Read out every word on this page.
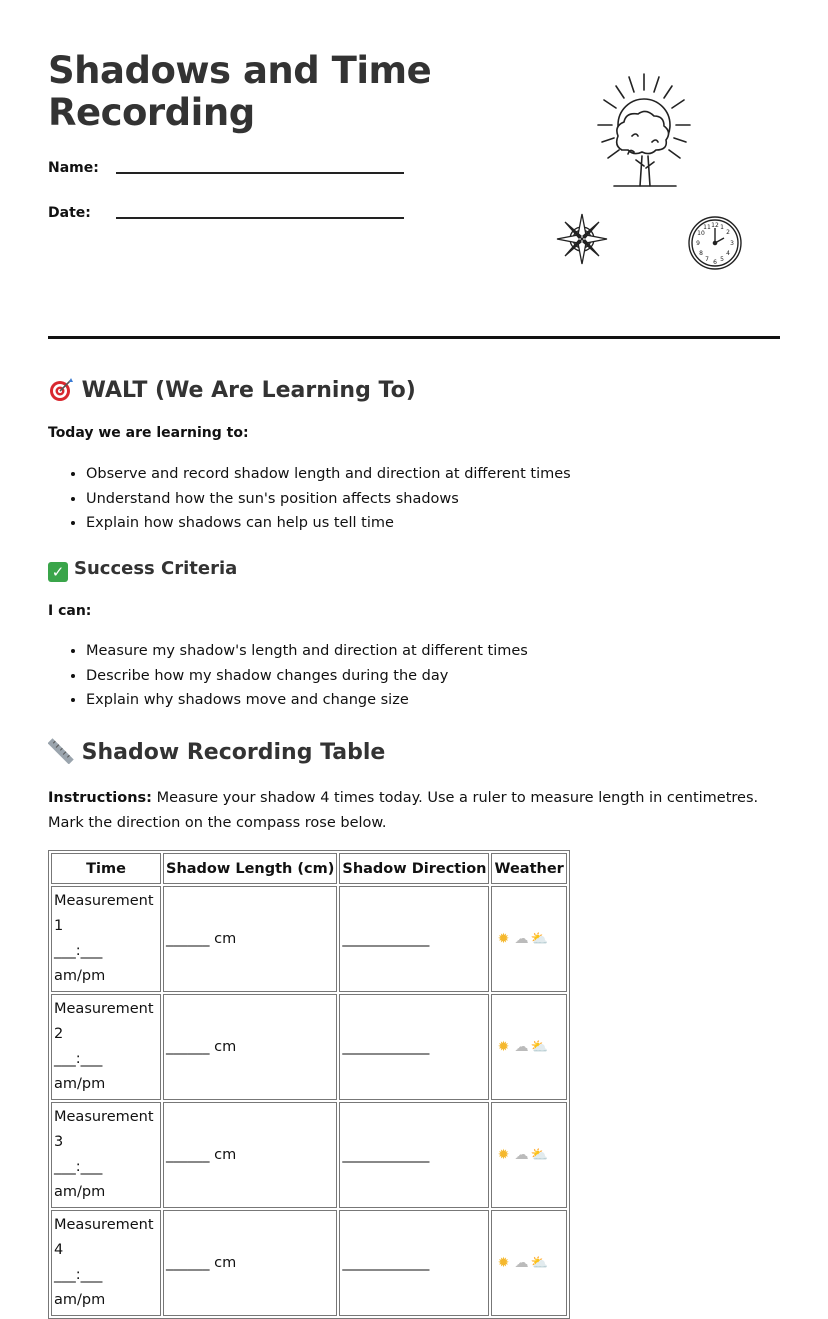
Shadows and Time
Recording
Name:
Date:
12 1
2
3
4
5
6
7
8
9
10
11
WALT (We Are Learning To)

Today we are learning to:

• Observe and record shadow length and direction at different times
• Understand how the sun's position affects shadows
• Explain how shadows can help us tell time
✓ Success Criteria

I can:

• Measure my shadow's length and direction at different times
• Describe how my shadow changes during the day
• Explain why shadows move and change size
Shadow Recording Table

Instructions: Measure your shadow 4 times today. Use a ruler to measure length in centimetres. Mark the direction on the compass rose below.

Time	Shadow Length (cm)	Shadow Direction	Weather

Measurement 1
___:___ am/pm	______ cm	____________	✹ ☁ ⛅

Measurement 2
___:___ am/pm	______ cm	____________	✹ ☁ ⛅

Measurement 3
___:___ am/pm	______ cm	____________	✹ ☁ ⛅

Measurement 4
___:___ am/pm	______ cm	____________	✹ ☁ ⛅
